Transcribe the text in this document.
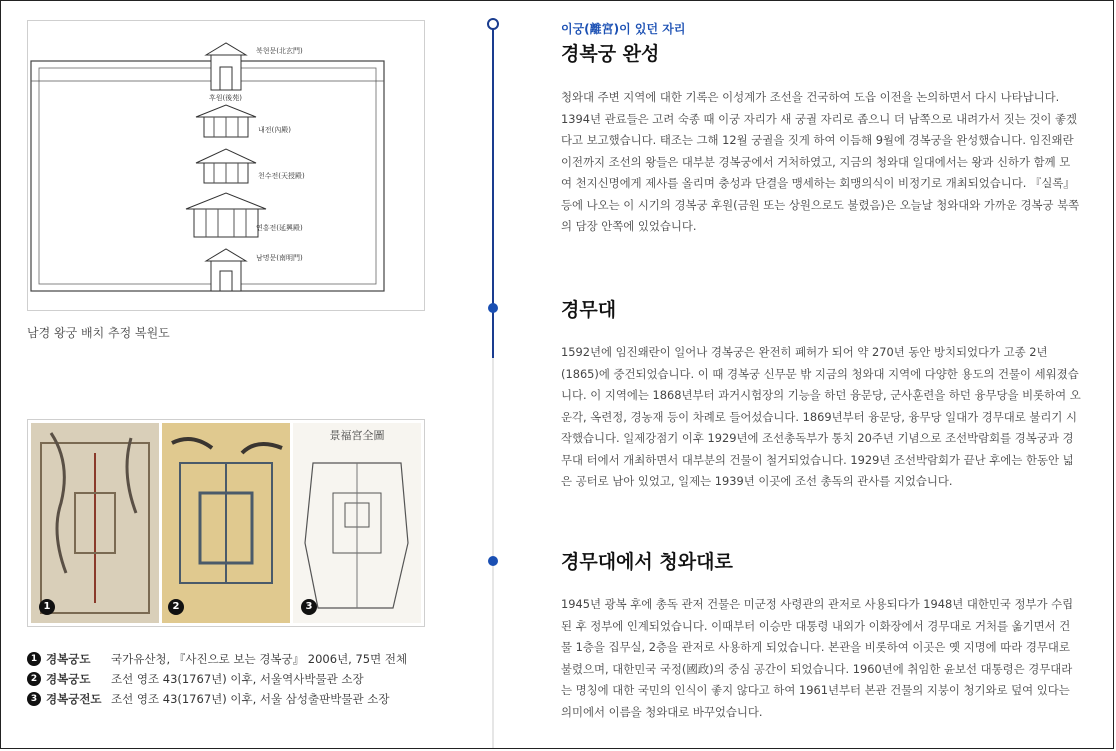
북현문(北玄門)
후원(後苑)
내전(內殿)
천수전(天授殿)
연흥전(延興殿)
남명문(南明門)
남경 왕궁 배치 추정 복원도
1	2
景福宮全圖
3
1 경복궁도	국가유산청, 『사진으로 보는 경복궁』 2006년, 75면 전체
2 경복궁도	조선 영조 43(1767년) 이후, 서울역사박물관 소장
3 경복궁전도 조선 영조 43(1767년) 이후, 서울 삼성출판박물관 소장
이궁(離宮)이 있던 자리
경복궁 완성
청와대 주변 지역에 대한 기록은 이성계가 조선을 건국하여 도읍 이전을 논의하면서 다시 나타납니다. 1394년 관료들은 고려 숙종 때 이궁 자리가 새 궁궐 자리로 좁으니 더 남쪽으로 내려가서 짓는 것이 좋겠다고 보고했습니다. 태조는 그해 12월 궁궐을 짓게 하여 이듬해 9월에 경복궁을 완성했습니다. 임진왜란 이전까지 조선의 왕들은 대부분 경복궁에서 거처하였고, 지금의 청와대 일대에서는 왕과 신하가 함께 모여 천지신명에게 제사를 올리며 충성과 단결을 맹세하는 회맹의식이 비정기로 개최되었습니다. 『실록』 등에 나오는 이 시기의 경복궁 후원(금원 또는 상원으로도 불렸음)은 오늘날 청와대와 가까운 경복궁 북쪽의 담장 안쪽에 있었습니다.
경무대
1592년에 임진왜란이 일어나 경복궁은 완전히 폐허가 되어 약 270년 동안 방치되었다가 고종 2년(1865)에 중건되었습니다. 이 때 경복궁 신무문 밖 지금의 청와대 지역에 다양한 용도의 건물이 세워졌습니다. 이 지역에는 1868년부터 과거시험장의 기능을 하던 융문당, 군사훈련을 하던 융무당을 비롯하여 오운각, 옥련정, 경농재 등이 차례로 들어섰습니다. 1869년부터 융문당, 융무당 일대가 경무대로 불리기 시작했습니다. 일제강점기 이후 1929년에 조선총독부가 통치 20주년 기념으로 조선박람회를 경복궁과 경무대 터에서 개최하면서 대부분의 건물이 철거되었습니다. 1929년 조선박람회가 끝난 후에는 한동안 넓은 공터로 남아 있었고, 일제는 1939년 이곳에 조선 총독의 관사를 지었습니다.
경무대에서 청와대로
1945년 광복 후에 총독 관저 건물은 미군정 사령관의 관저로 사용되다가 1948년 대한민국 정부가 수립된 후 정부에 인계되었습니다. 이때부터 이승만 대통령 내외가 이화장에서 경무대로 거처를 옮기면서 건물 1층을 집무실, 2층을 관저로 사용하게 되었습니다. 본관을 비롯하여 이곳은 옛 지명에 따라 경무대로 불렸으며, 대한민국 국정(國政)의 중심 공간이 되었습니다. 1960년에 취임한 윤보선 대통령은 경무대라는 명칭에 대한 국민의 인식이 좋지 않다고 하여 1961년부터 본관 건물의 지붕이 청기와로 덮여 있다는 의미에서 이름을 청와대로 바꾸었습니다.
